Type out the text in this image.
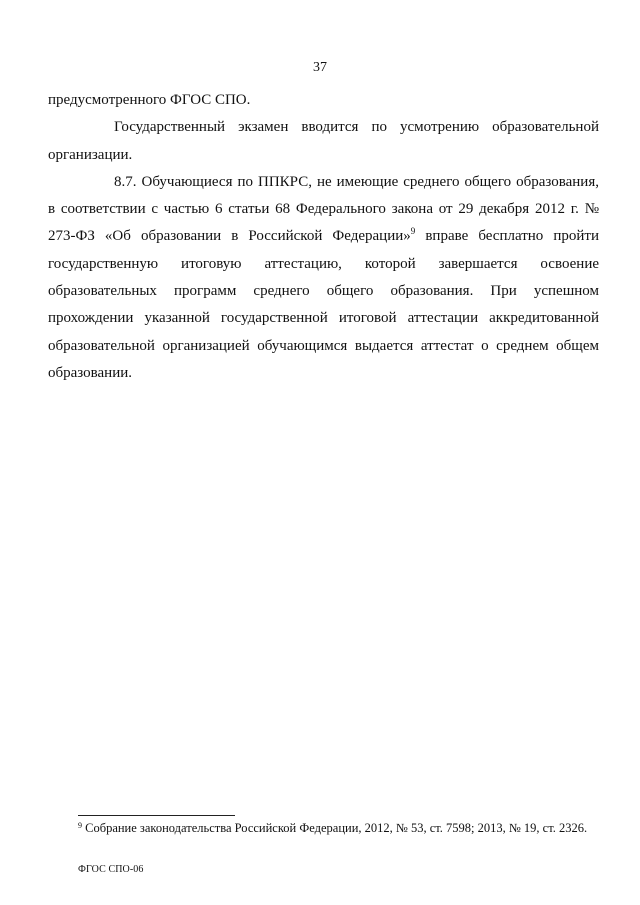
37

предусмотренного ФГОС СПО.

Государственный экзамен вводится по усмотрению образовательной организации.

8.7. Обучающиеся по ППКРС, не имеющие среднего общего образования, в соответствии с частью 6 статьи 68 Федерального закона от 29 декабря 2012 г. № 273-ФЗ «Об образовании в Российской Федерации»$^9$ вправе бесплатно пройти государственную итоговую аттестацию, которой завершается освоение образовательных программ среднего общего образования. При успешном прохождении указанной государственной итоговой аттестации аккредитованной образовательной организацией обучающимся выдается аттестат о среднем общем образовании.

$^9$ Собрание законодательства Российской Федерации, 2012, № 53, ст. 7598; 2013, № 19, ст. 2326.
ФГОС СПО-06
